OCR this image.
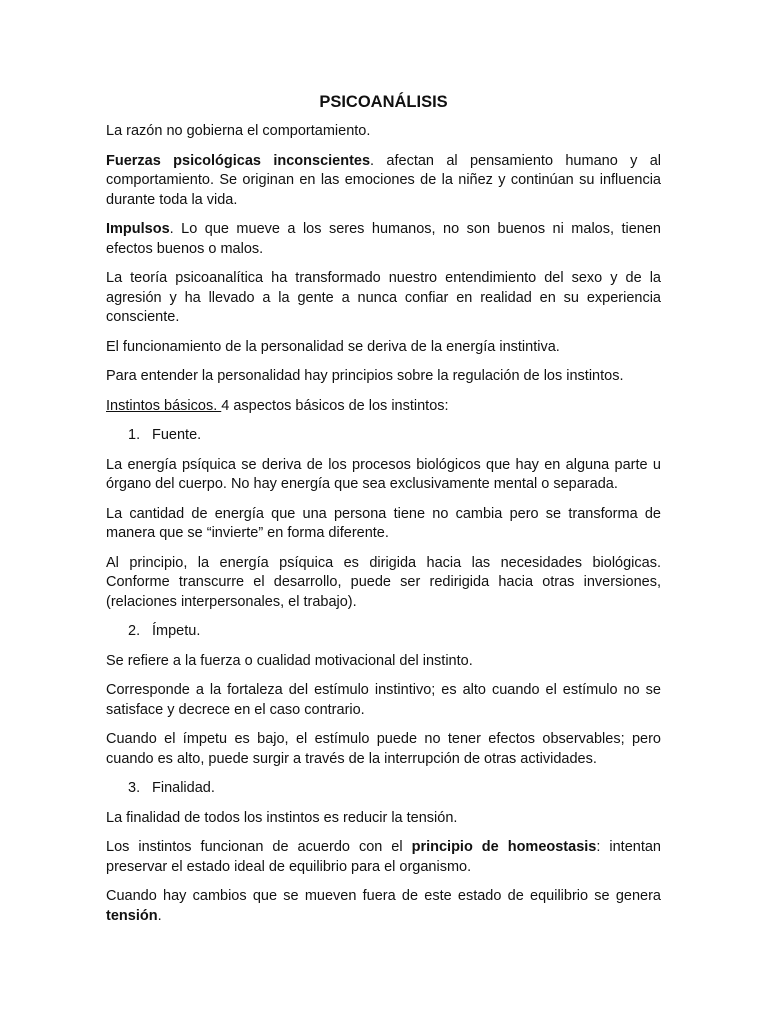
PSICOANÁLISIS

La razón no gobierna el comportamiento.

Fuerzas psicológicas inconscientes. afectan al pensamiento humano y al comportamiento. Se originan en las emociones de la niñez y continúan su influencia durante toda la vida.

Impulsos. Lo que mueve a los seres humanos, no son buenos ni malos, tienen efectos buenos o malos.

La teoría psicoanalítica ha transformado nuestro entendimiento del sexo y de la agresión y ha llevado a la gente a nunca confiar en realidad en su experiencia consciente.

El funcionamiento de la personalidad se deriva de la energía instintiva.

Para entender la personalidad hay principios sobre la regulación de los instintos.

Instintos básicos. 4 aspectos básicos de los instintos:

1. Fuente.

La energía psíquica se deriva de los procesos biológicos que hay en alguna parte u órgano del cuerpo. No hay energía que sea exclusivamente mental o separada.

La cantidad de energía que una persona tiene no cambia pero se transforma de manera que se “invierte” en forma diferente.

Al principio, la energía psíquica es dirigida hacia las necesidades biológicas. Conforme transcurre el desarrollo, puede ser redirigida hacia otras inversiones, (relaciones interpersonales, el trabajo).

2. Ímpetu.

Se refiere a la fuerza o cualidad motivacional del instinto.

Corresponde a la fortaleza del estímulo instintivo; es alto cuando el estímulo no se satisface y decrece en el caso contrario.

Cuando el ímpetu es bajo, el estímulo puede no tener efectos observables; pero cuando es alto, puede surgir a través de la interrupción de otras actividades.

3. Finalidad.

La finalidad de todos los instintos es reducir la tensión.

Los instintos funcionan de acuerdo con el principio de homeostasis: intentan preservar el estado ideal de equilibrio para el organismo.

Cuando hay cambios que se mueven fuera de este estado de equilibrio se genera tensión.
